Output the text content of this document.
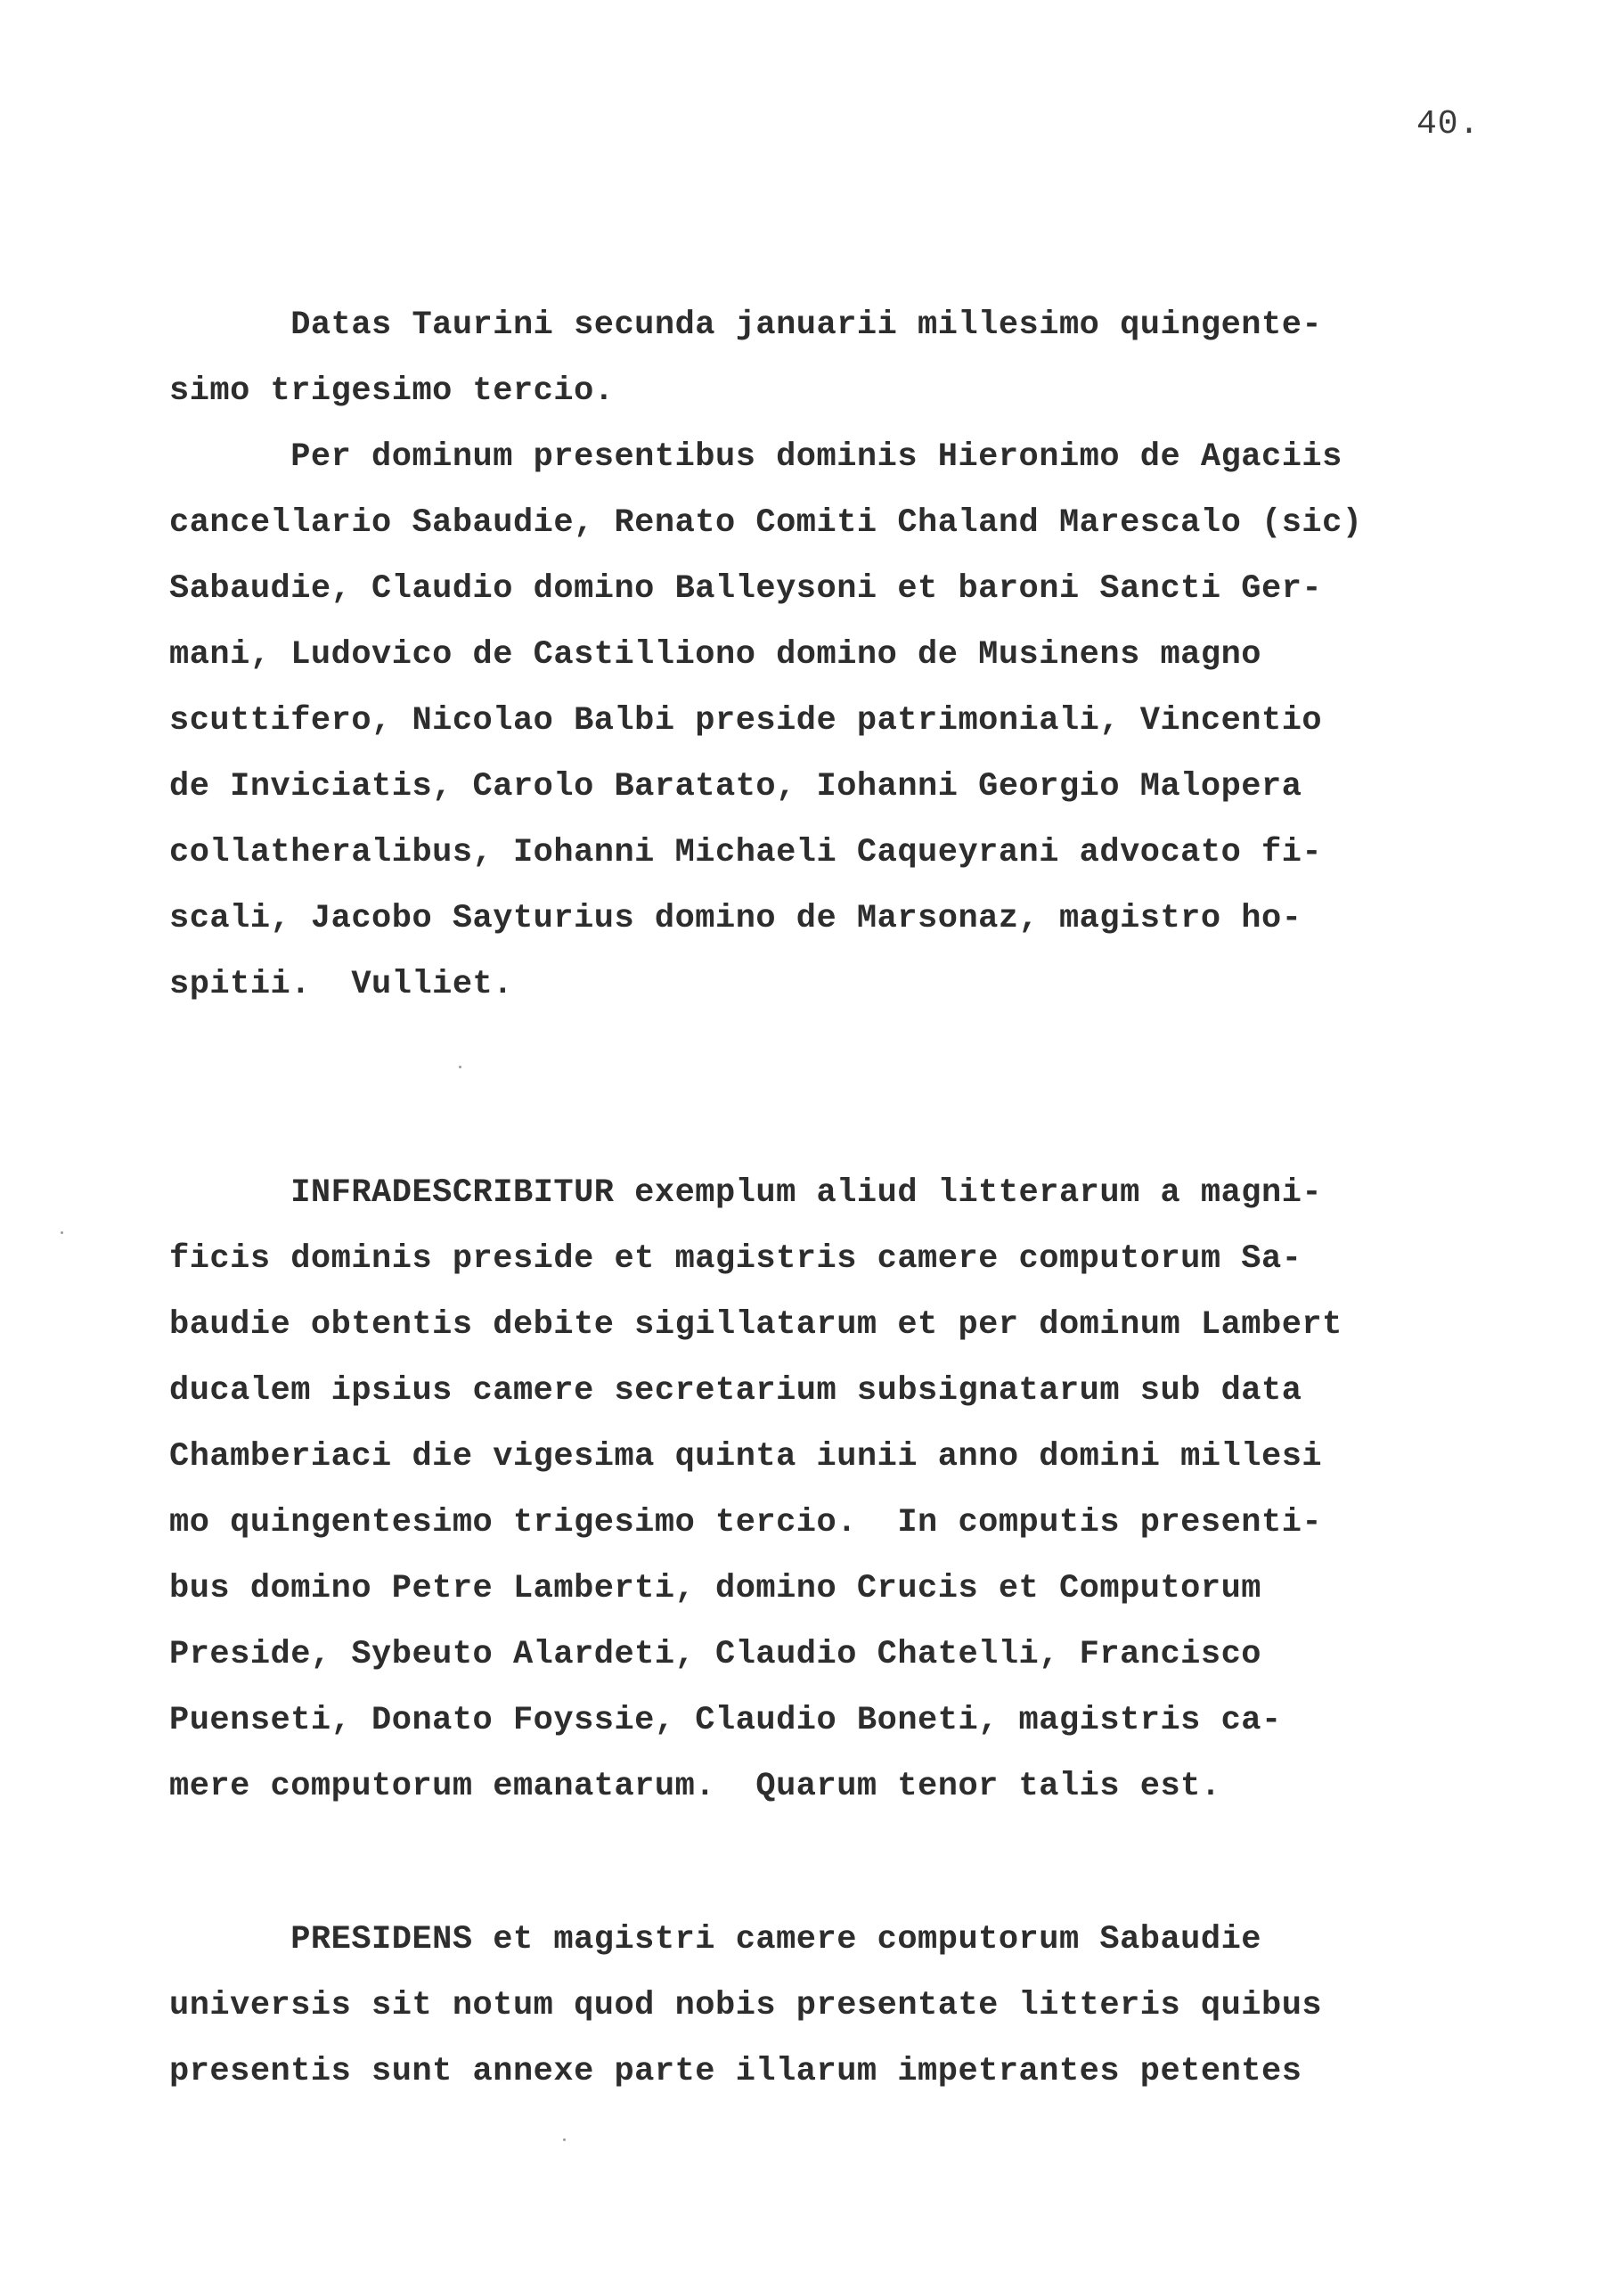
40.
Datas Taurini secunda januarii millesimo quingente-
simo trigesimo tercio.
Per dominum presentibus dominis Hieronimo de Agaciis
cancellario Sabaudie, Renato Comiti Chaland Marescalo (sic)
Sabaudie, Claudio domino Balleysoni et baroni Sancti Ger-
mani, Ludovico de Castilliono domino de Musinens magno
scuttifero, Nicolao Balbi preside patrimoniali, Vincentio
de Inviciatis, Carolo Baratato, Iohanni Georgio Malopera
collatheralibus, Iohanni Michaeli Caqueyrani advocato fi-
scali, Jacobo Sayturius domino de Marsonaz, magistro ho-
spitii.  Vulliet.
INFRADESCRIBITUR exemplum aliud litterarum a magni-
ficis dominis preside et magistris camere computorum Sa-
baudie obtentis debite sigillatarum et per dominum Lambert
ducalem ipsius camere secretarium subsignatarum sub data
Chamberiaci die vigesima quinta iunii anno domini millesi
mo quingentesimo trigesimo tercio.  In computis presenti-
bus domino Petre Lamberti, domino Crucis et Computorum
Preside, Sybeuto Alardeti, Claudio Chatelli, Francisco
Puenseti, Donato Foyssie, Claudio Boneti, magistris ca-
mere computorum emanatarum.  Quarum tenor talis est.
PRESIDENS et magistri camere computorum Sabaudie
universis sit notum quod nobis presentate litteris quibus
presentis sunt annexe parte illarum impetrantes petentes
